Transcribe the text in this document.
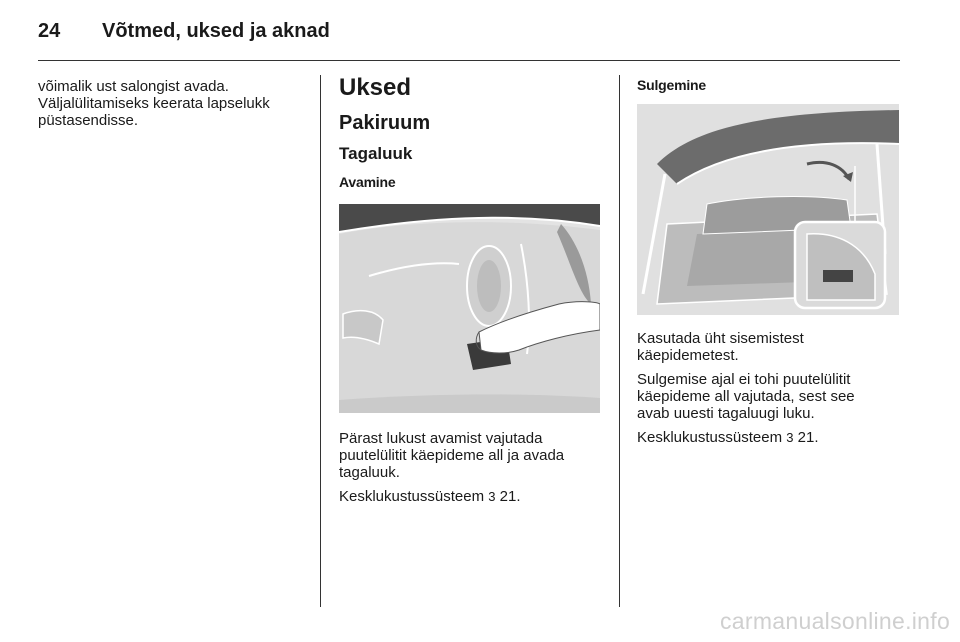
24 Võtmed, uksed ja aknad
võimalik ust salongist avada.
Väljalülitamiseks keerata lapselukk
püstasendisse.
Uksed
Pakiruum
Tagaluuk
Avamine
Pärast lukust avamist vajutada
puutelülitit käepideme all ja avada
tagaluuk.
Kesklukustussüsteem 3 21.
Sulgemine
Kasutada üht sisemistest
käepidemetest.
Sulgemise ajal ei tohi puutelülitit
käepideme all vajutada, sest see
avab uuesti tagaluugi luku.
Kesklukustussüsteem 3 21.
carmanualsonline.info
